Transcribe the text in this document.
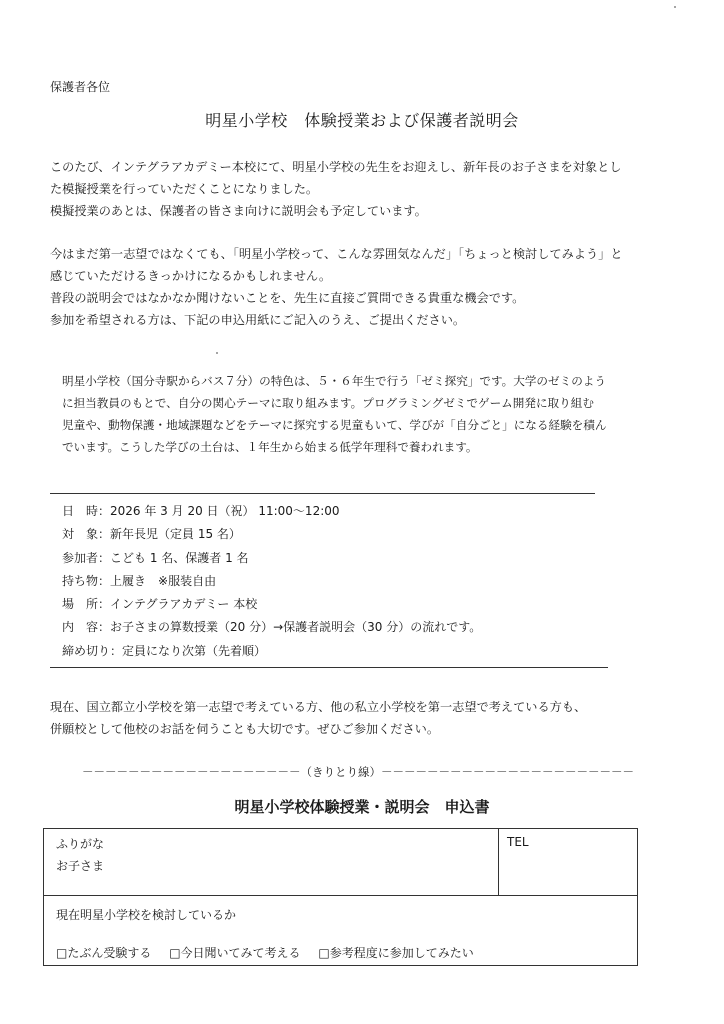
保護者各位
明星小学校　体験授業および保護者説明会
このたび、インテグラアカデミー本校にて、明星小学校の先生をお迎えし、新年長のお子さまを対象とし
た模擬授業を行っていただくことになりました。
模擬授業のあとは、保護者の皆さま向けに説明会も予定しています。
今はまだ第一志望ではなくても、「明星小学校って、こんな雰囲気なんだ」「ちょっと検討してみよう」と
感じていただけるきっかけになるかもしれません。
普段の説明会ではなかなか聞けないことを、先生に直接ご質問できる貴重な機会です。
参加を希望される方は、下記の申込用紙にご記入のうえ、ご提出ください。
明星小学校（国分寺駅からバス７分）の特色は、５・６年生で行う「ゼミ探究」です。大学のゼミのよう
に担当教員のもとで、自分の関心テーマに取り組みます。プログラミングゼミでゲーム開発に取り組む
児童や、動物保護・地域課題などをテーマに探究する児童もいて、学びが「自分ごと」になる経験を積ん
でいます。こうした学びの土台は、１年生から始まる低学年理科で養われます。
日　時：2026 年 3 月 20 日（祝） 11:00〜12:00
対　象：新年長児（定員 15 名）
参加者：こども 1 名、保護者 1 名
持ち物：上履き　※服装自由
場　所：インテグラアカデミー 本校
内　容：お子さまの算数授業（20 分）→保護者説明会（30 分）の流れです。
締め切り：定員になり次第（先着順）
現在、国立都立小学校を第一志望で考えている方、他の私立小学校を第一志望で考えている方も、
併願校として他校のお話を伺うことも大切です。ぜひご参加ください。
－－－－－－－－－－－－－－－－－－－（きりとり線）－－－－－－－－－－－－－－－－－－－－－－
明星小学校体験授業・説明会　申込書
ふりがな
お子さま
TEL
現在明星小学校を検討しているか
□たぶん受験する □今日聞いてみて考える □参考程度に参加してみたい
